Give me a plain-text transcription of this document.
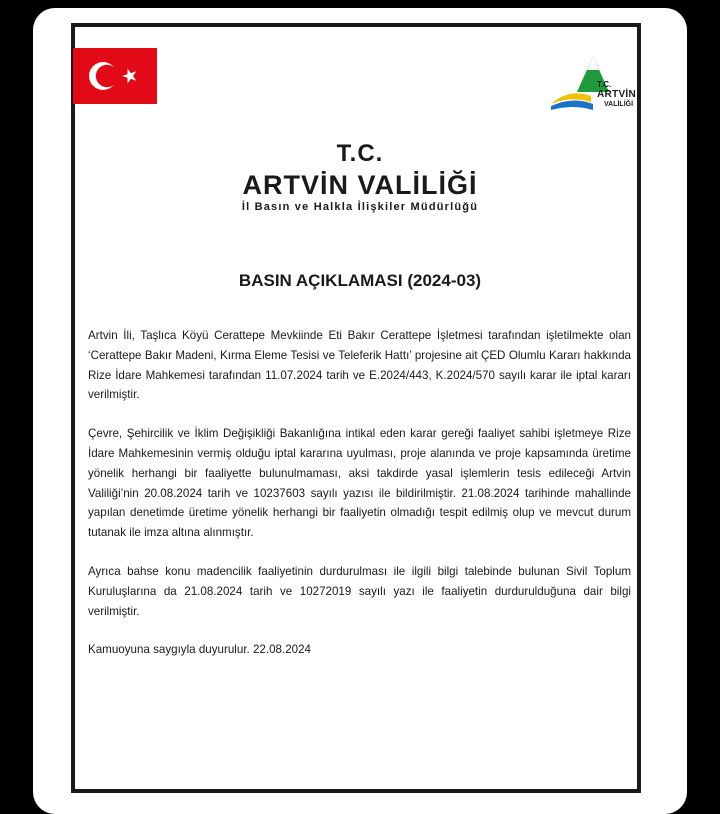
T.C.
ARTVİN
VALİLİĞİ
T.C.
ARTVİN VALİLİĞİ
İl Basın ve Halkla İlişkiler Müdürlüğü
BASIN AÇIKLAMASI (2024-03)

Artvin İli, Taşlıca Köyü Cerattepe Mevkiinde Eti Bakır Cerattepe İşletmesi tarafından işletilmekte olan ‘Cerattepe Bakır Madeni, Kırma Eleme Tesisi ve Teleferik Hattı’ projesine ait ÇED Olumlu Kararı hakkında Rize İdare Mahkemesi tarafından 11.07.2024 tarih ve E.2024/443, K.2024/570 sayılı karar ile iptal kararı verilmiştir.

Çevre, Şehircilik ve İklim Değişikliği Bakanlığına intikal eden karar gereği faaliyet sahibi işletmeye Rize İdare Mahkemesinin vermiş olduğu iptal kararına uyulması, proje alanında ve proje kapsamında üretime yönelik herhangi bir faaliyette bulunulmaması, aksi takdirde yasal işlemlerin tesis edileceği Artvin Valiliği’nin 20.08.2024 tarih ve 10237603 sayılı yazısı ile bildirilmiştir. 21.08.2024 tarihinde mahallinde yapılan denetimde üretime yönelik herhangi bir faaliyetin olmadığı tespit edilmiş olup ve mevcut durum tutanak ile imza altına alınmıştır.

Ayrıca bahse konu madencilik faaliyetinin durdurulması ile ilgili bilgi talebinde bulunan Sivil Toplum Kuruluşlarına da 21.08.2024 tarih ve 10272019 sayılı yazı ile faaliyetin durdurulduğuna dair bilgi verilmiştir.

Kamuoyuna saygıyla duyurulur. 22.08.2024
